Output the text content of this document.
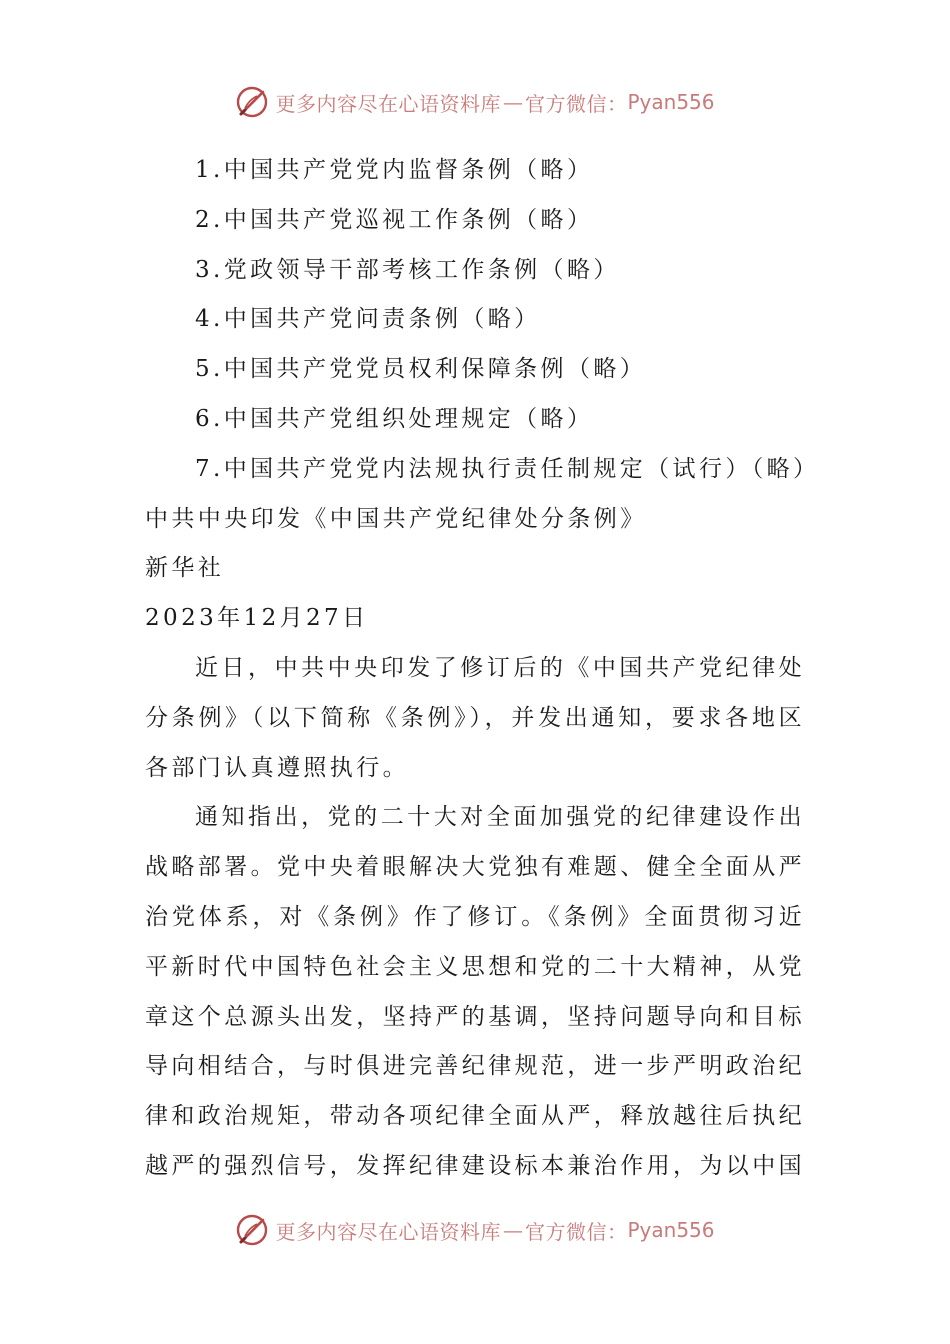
更多内容尽在心语资料库 — 官方微信： Pyan556
1.中国共产党党内监督条例（略）
2.中国共产党巡视工作条例（略）
3.党政领导干部考核工作条例（略）
4.中国共产党问责条例（略）
5.中国共产党党员权利保障条例（略）
6.中国共产党组织处理规定（略）
7.中国共产党党内法规执行责任制规定（试行）（略）
中共中央印发《中国共产党纪律处分条例》
新华社
2023年12月27日
近日，中共中央印发了修订后的《中国共产党纪律处分条例》（以下简称《条例》），并发出通知，要求各地区各部门认真遵照执行。
通知指出，党的二十大对全面加强党的纪律建设作出战略部署。党中央着眼解决大党独有难题、健全全面从严治党体系，对《条例》作了修订。《条例》全面贯彻习近平新时代中国特色社会主义思想和党的二十大精神，从党章这个总源头出发，坚持严的基调，坚持问题导向和目标导向相结合，与时俱进完善纪律规范，进一步严明政治纪律和政治规矩，带动各项纪律全面从严，释放越往后执纪越严的强烈信号，发挥纪律建设标本兼治作用，为以中国
更多内容尽在心语资料库 — 官方微信： Pyan556
